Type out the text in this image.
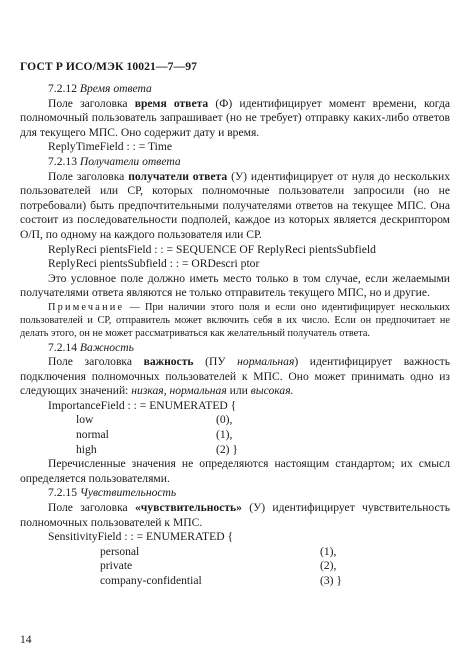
ГОСТ Р ИСО/МЭК 10021—7—97

7.2.12 Время ответа

Поле заголовка время ответа (Ф) идентифицирует момент времени, когда полномочный пользователь запрашивает (но не требует) отправку каких-либо ответов для текущего МПС. Оно содержит дату и время.

ReplyTimeField : : = Time

7.2.13 Получатели ответа

Поле заголовка получатели ответа (У) идентифицирует от нуля до нескольких пользователей или СР, которых полномочные пользователи запросили (но не потребовали) быть предпочтительными получателями ответов на текущее МПС. Она состоит из последовательности подполей, каждое из которых является дескриптором О/П, по одному на каждого пользователя или СР.

ReplyReci pientsField : : = SEQUENCE OF ReplyReci pientsSubfield

ReplyReci pientsSubfield : : = ORDescri ptor

Это условное поле должно иметь место только в том случае, если желаемыми получателями ответа являются не только отправитель текущего МПС, но и другие.

Примечание — При наличии этого поля и если оно идентифицирует нескольких пользователей и СР, отправитель может включить себя в их число. Если он предпочитает не делать этого, он не может рассматриваться как желательный получатель ответа.

7.2.14 Важность

Поле заголовка важность (ПУ нормальная) идентифицирует важность подключения полномочных пользователей к МПС. Оно может принимать одно из следующих значений: низкая, нормальная или высокая.

ImportanceField : : = ENUMERATED {

low	(0),
normal	(1),
high	(2) }

Перечисленные значения не определяются настоящим стандартом; их смысл определяется пользователями.

7.2.15 Чувствительность

Поле заголовка «чувствительность» (У) идентифицирует чувствительность полномочных пользователей к МПС.

SensitivityField : : = ENUMERATED {

personal	(1),
private	(2),
company-confidential	(3) }
14
